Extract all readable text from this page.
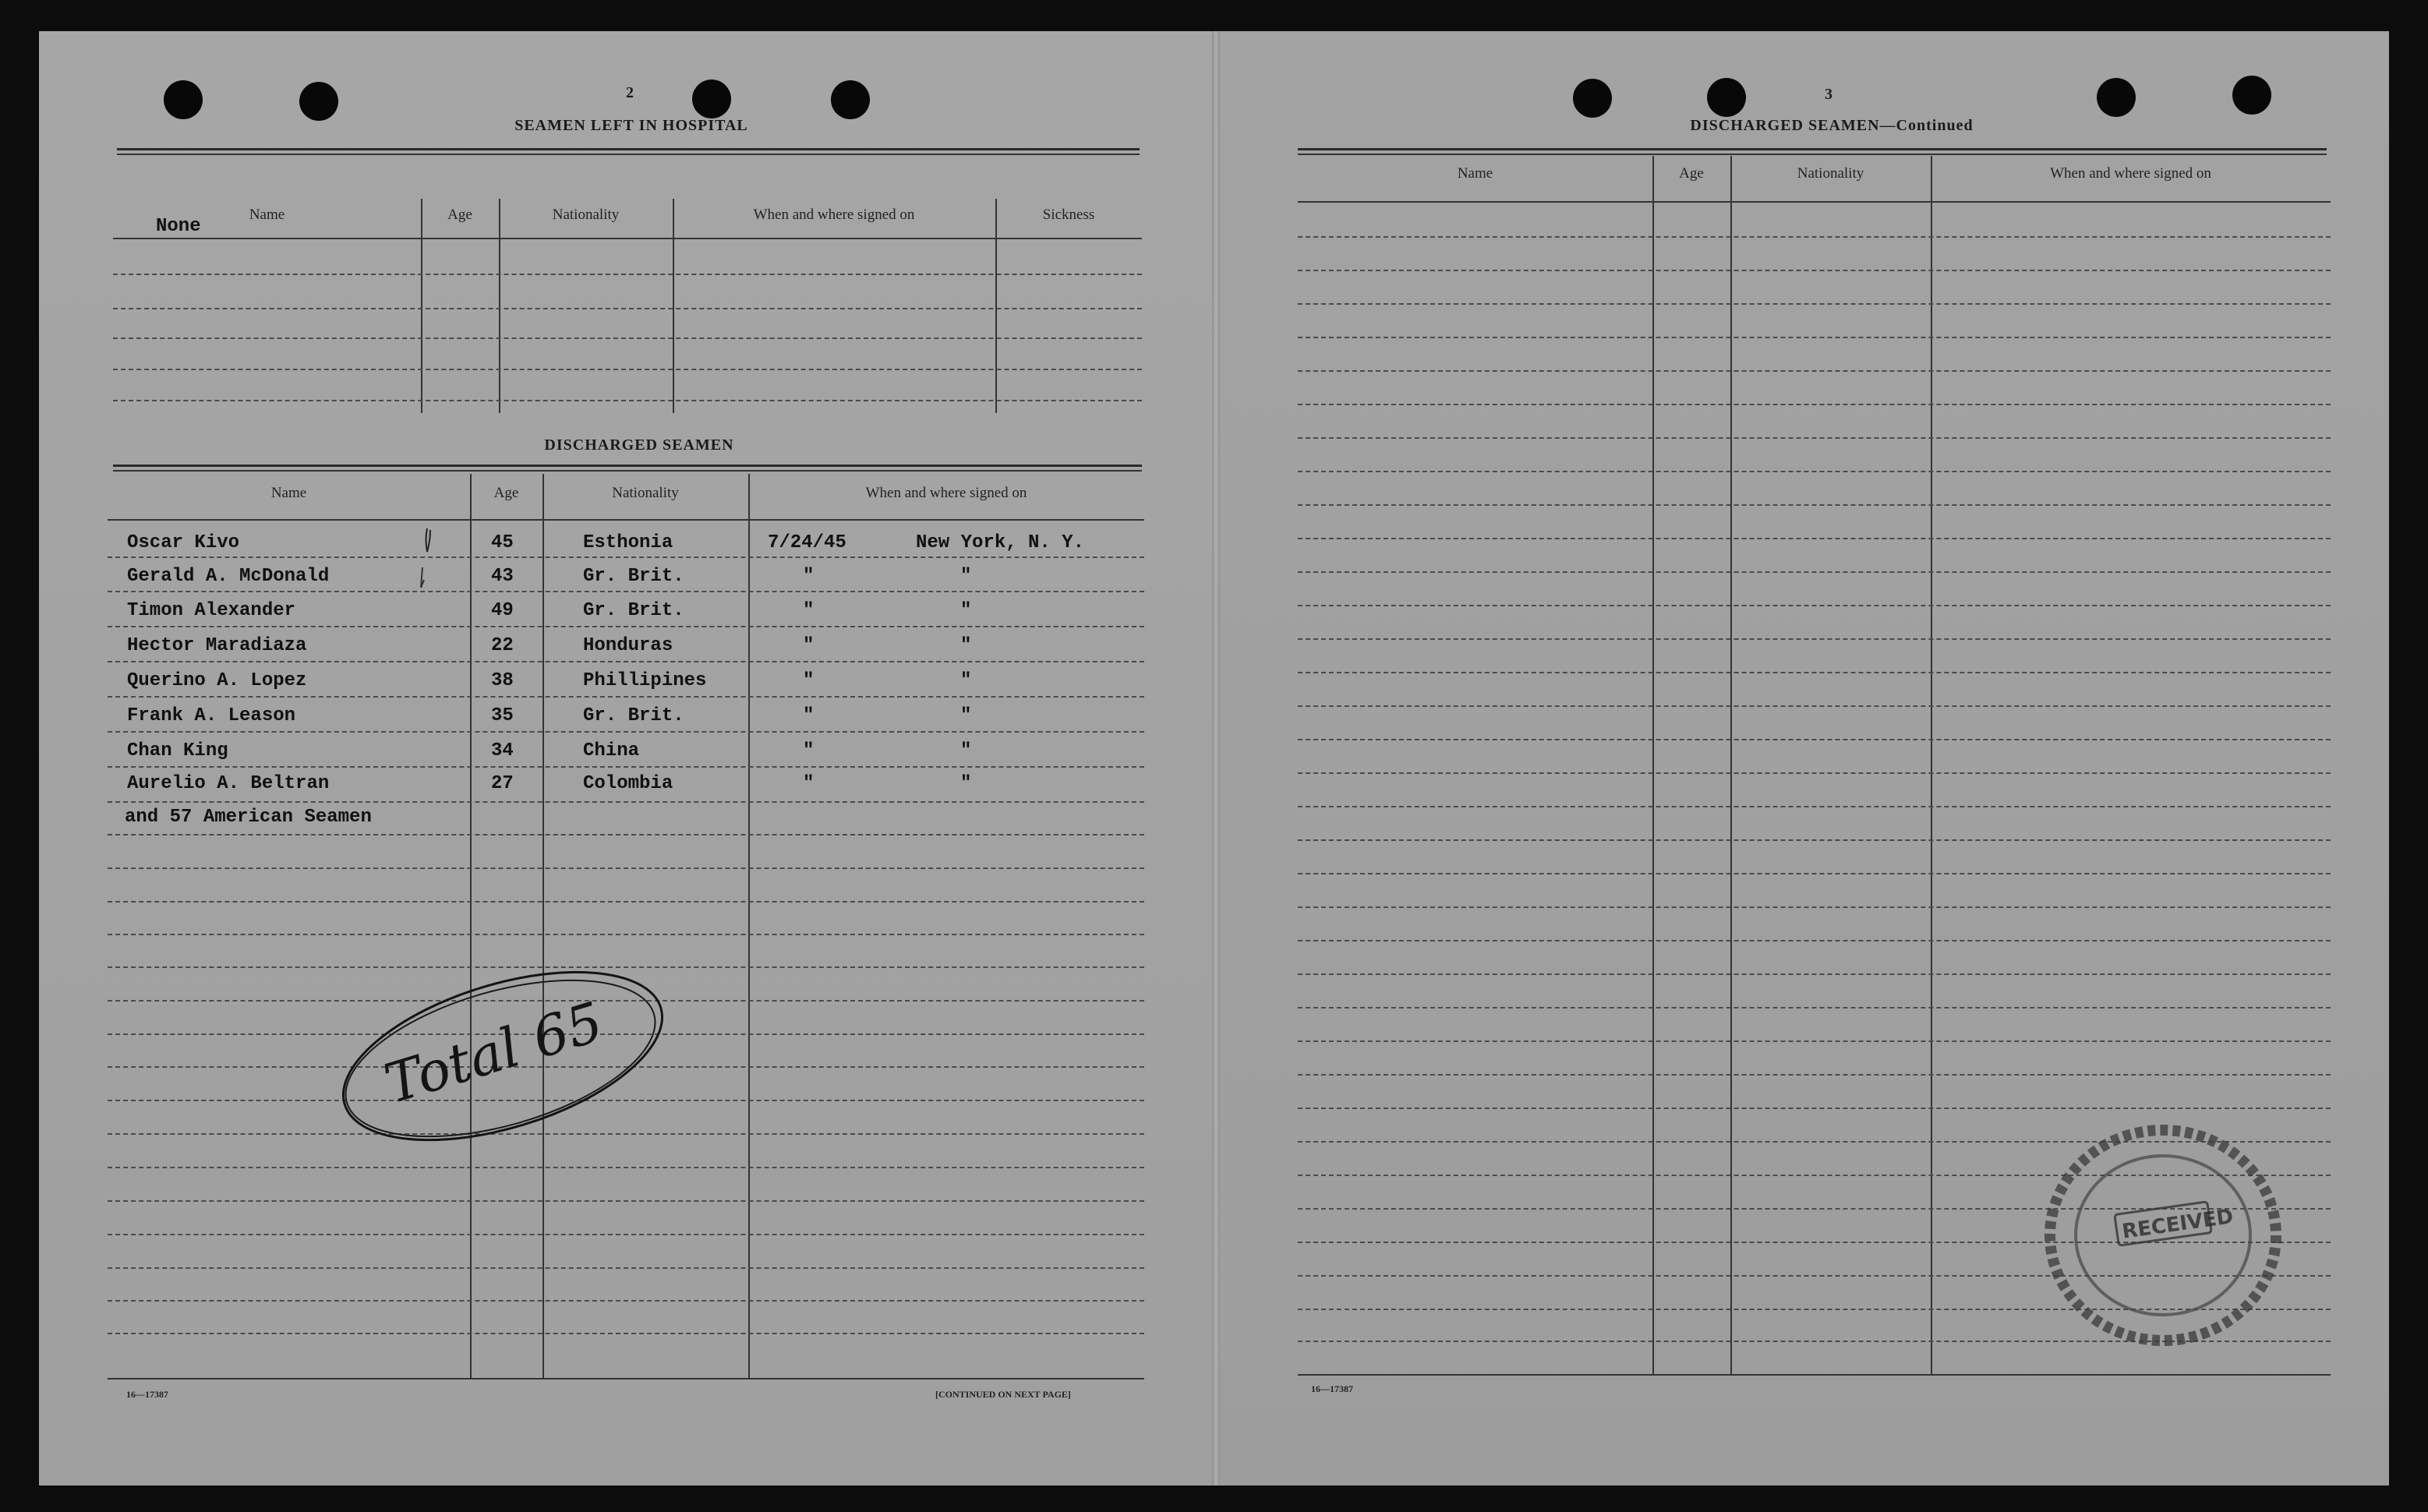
2
SEAMEN LEFT IN HOSPITAL
Name	Age	Nationality	When and where signed on	Sickness
None
DISCHARGED SEAMEN
Name	Age	Nationality	When and where signed on
Oscar Kivo	45	Esthonia	7/24/45	New York, N. Y.
Gerald A. McDonald	43	Gr. Brit.	"	"
Timon Alexander	49	Gr. Brit.	"	"
Hector Maradiaza	22	Honduras	"	"
Querino A. Lopez	38	Phillipines	"	"
Frank A. Leason	35	Gr. Brit.	"	"
Chan King	34	China	"	"
Aurelio A. Beltran	27	Colombia	"	"
and 57 American Seamen
Total 65
16—17387	[CONTINUED ON NEXT PAGE]
3
DISCHARGED SEAMEN—Continued
Name	Age	Nationality	When and where signed on
RECEIVED
16—17387
